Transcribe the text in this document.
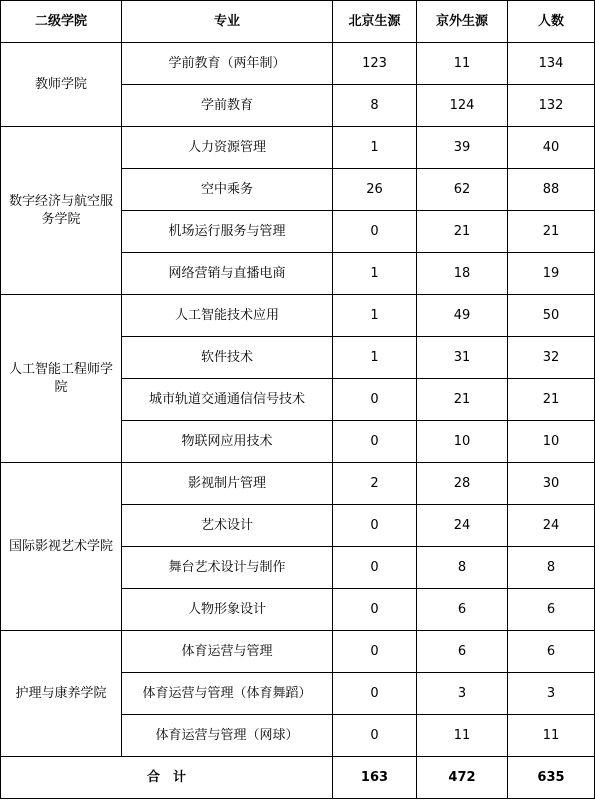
二级学院	专业	北京生源	京外生源	人数
教师学院	学前教育（两年制）	123	11	134
	学前教育	8	124	132
数字经济与航空服务学院	人力资源管理	1	39	40
	空中乘务	26	62	88
	机场运行服务与管理	0	21	21
	网络营销与直播电商	1	18	19
人工智能工程师学院	人工智能技术应用	1	49	50
	软件技术	1	31	32
	城市轨道交通通信信号技术	0	21	21
	物联网应用技术	0	10	10
国际影视艺术学院	影视制片管理	2	28	30
	艺术设计	0	24	24
	舞台艺术设计与制作	0	8	8
	人物形象设计	0	6	6
护理与康养学院	体育运营与管理	0	6	6
	体育运营与管理（体育舞蹈）	0	3	3
	体育运营与管理（网球）	0	11	11
合　计		163	472	635
